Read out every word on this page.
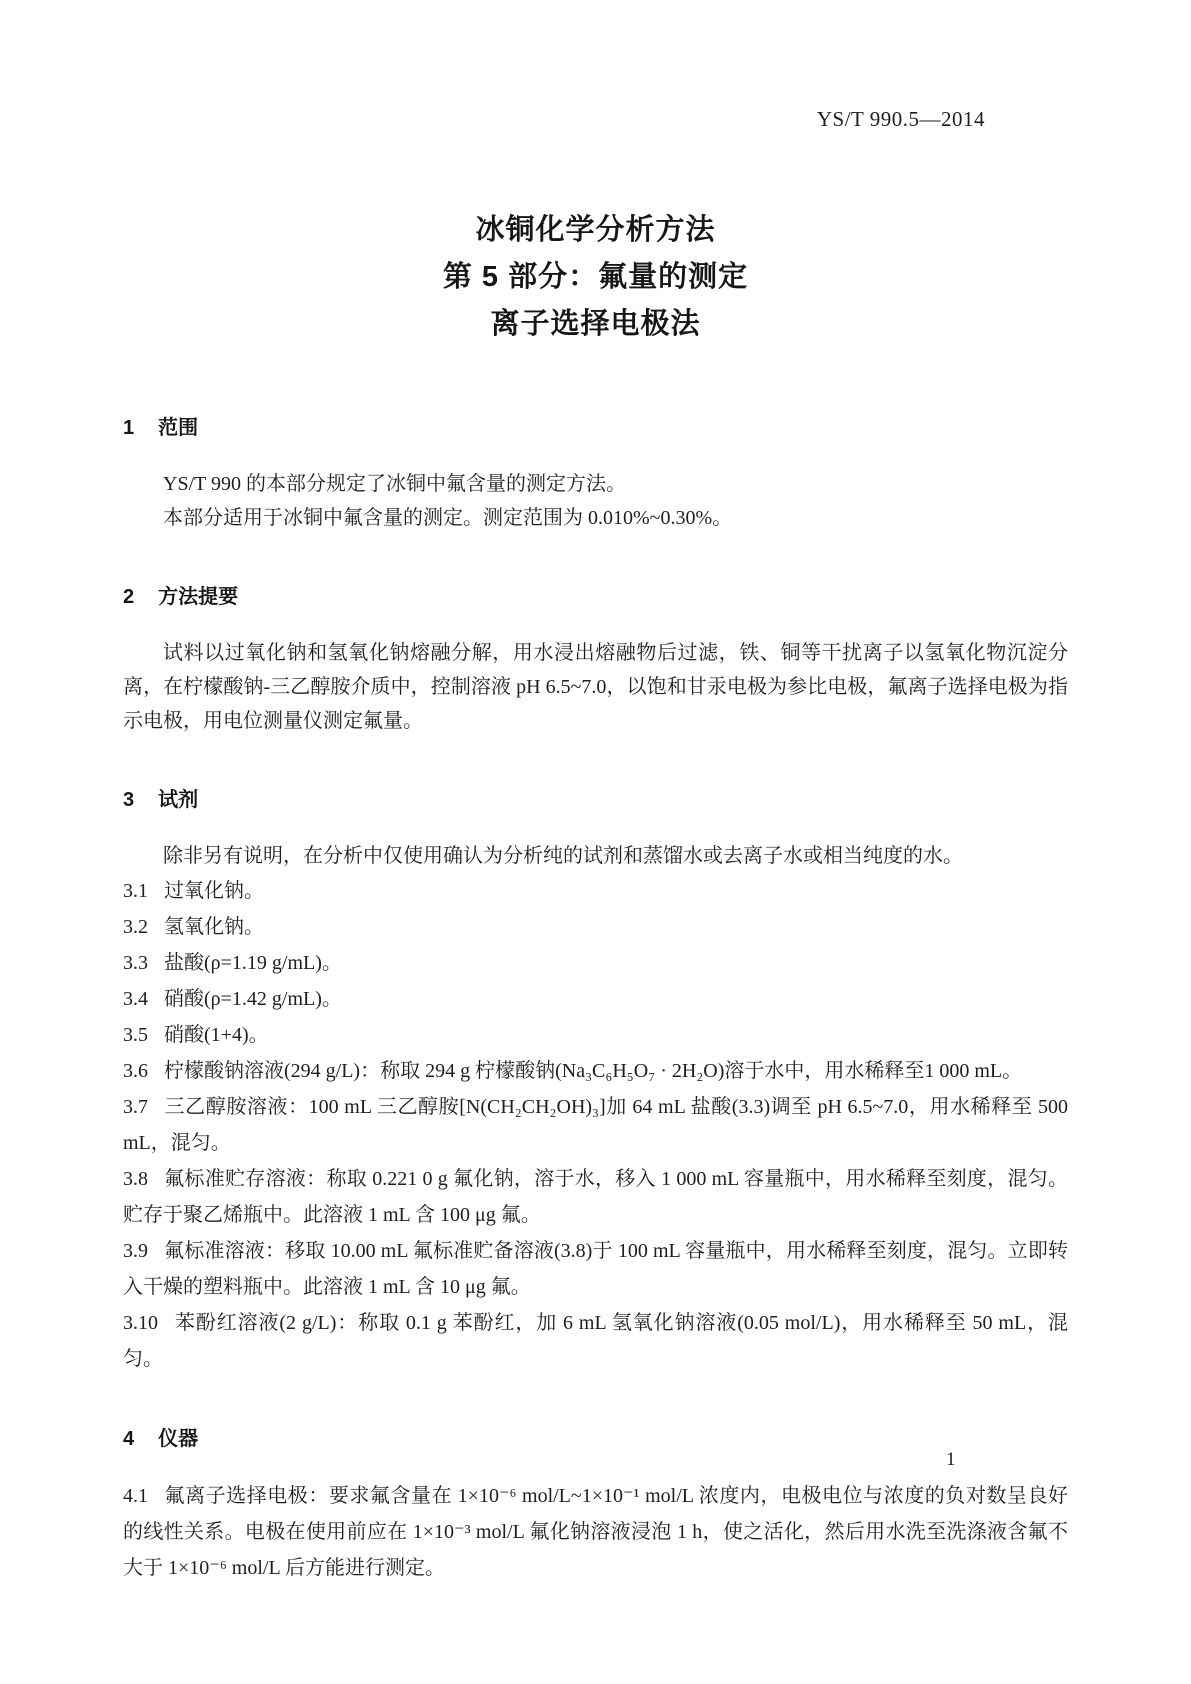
YS/T 990.5—2014
冰铜化学分析方法
第 5 部分：氟量的测定
离子选择电极法
1 范围

YS/T 990 的本部分规定了冰铜中氟含量的测定方法。

本部分适用于冰铜中氟含量的测定。测定范围为 0.010%~0.30%。

2 方法提要

试料以过氧化钠和氢氧化钠熔融分解，用水浸出熔融物后过滤，铁、铜等干扰离子以氢氧化物沉淀分离，在柠檬酸钠-三乙醇胺介质中，控制溶液 pH 6.5~7.0，以饱和甘汞电极为参比电极，氟离子选择电极为指示电极，用电位测量仪测定氟量。

3 试剂

除非另有说明，在分析中仅使用确认为分析纯的试剂和蒸馏水或去离子水或相当纯度的水。

3.1 过氧化钠。

3.2 氢氧化钠。

3.3 盐酸(ρ=1.19 g/mL)。

3.4 硝酸(ρ=1.42 g/mL)。

3.5 硝酸(1+4)。

3.6 柠檬酸钠溶液(294 g/L)：称取 294 g 柠檬酸钠(Na₃C₆H₅O₇ · 2H₂O)溶于水中，用水稀释至1 000 mL。

3.7 三乙醇胺溶液：100 mL 三乙醇胺[N(CH₂CH₂OH)₃]加 64 mL 盐酸(3.3)调至 pH 6.5~7.0，用水稀释至 500 mL，混匀。

3.8 氟标准贮存溶液：称取 0.221 0 g 氟化钠，溶于水，移入 1 000 mL 容量瓶中，用水稀释至刻度，混匀。贮存于聚乙烯瓶中。此溶液 1 mL 含 100 μg 氟。

3.9 氟标准溶液：移取 10.00 mL 氟标准贮备溶液(3.8)于 100 mL 容量瓶中，用水稀释至刻度，混匀。立即转入干燥的塑料瓶中。此溶液 1 mL 含 10 μg 氟。

3.10 苯酚红溶液(2 g/L)：称取 0.1 g 苯酚红，加 6 mL 氢氧化钠溶液(0.05 mol/L)，用水稀释至 50 mL，混匀。

4 仪器

4.1 氟离子选择电极：要求氟含量在 1×10⁻⁶ mol/L~1×10⁻¹ mol/L 浓度内，电极电位与浓度的负对数呈良好的线性关系。电极在使用前应在 1×10⁻³ mol/L 氟化钠溶液浸泡 1 h，使之活化，然后用水洗至洗涤液含氟不大于 1×10⁻⁶ mol/L 后方能进行测定。

1
